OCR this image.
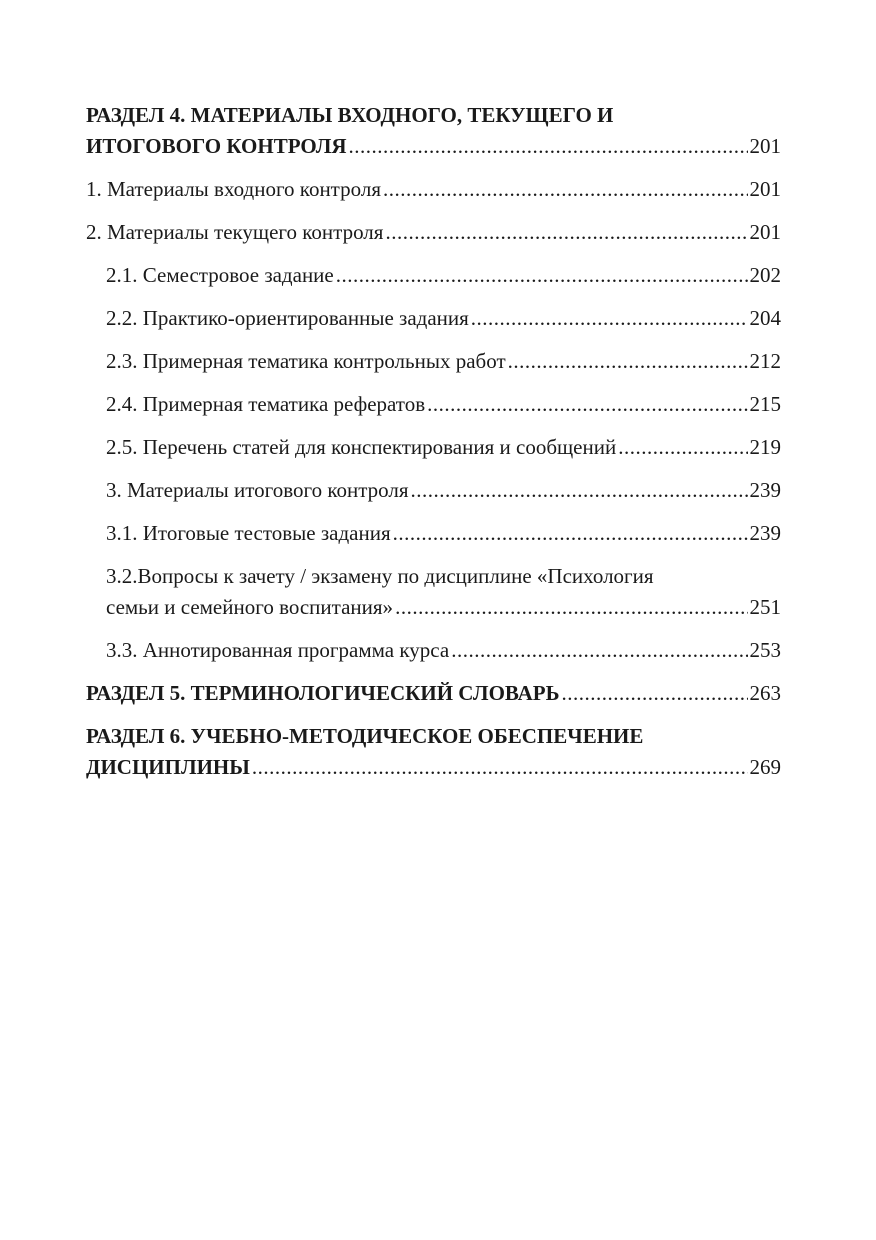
РАЗДЕЛ 4. МАТЕРИАЛЫ ВХОДНОГО, ТЕКУЩЕГО И
ИТОГОВОГО КОНТРОЛЯ .....	201
1. Материалы входного контроля .....	201
2. Материалы текущего контроля .....	201
2.1. Семестровое задание .....	202
2.2. Практико-ориентированные задания .....	204
2.3. Примерная тематика контрольных работ .....	212
2.4. Примерная тематика рефератов .....	215
2.5. Перечень статей для конспектирования и сообщений .....	219
3. Материалы итогового контроля .....	239
3.1. Итоговые тестовые задания .....	239
3.2.Вопросы к зачету / экзамену по дисциплине «Психология
семьи и семейного воспитания» .....	251
3.3. Аннотированная программа курса .....	253
РАЗДЕЛ 5. ТЕРМИНОЛОГИЧЕСКИЙ СЛОВАРЬ .....	263
РАЗДЕЛ 6. УЧЕБНО-МЕТОДИЧЕСКОЕ ОБЕСПЕЧЕНИЕ
ДИСЦИПЛИНЫ .....	269
